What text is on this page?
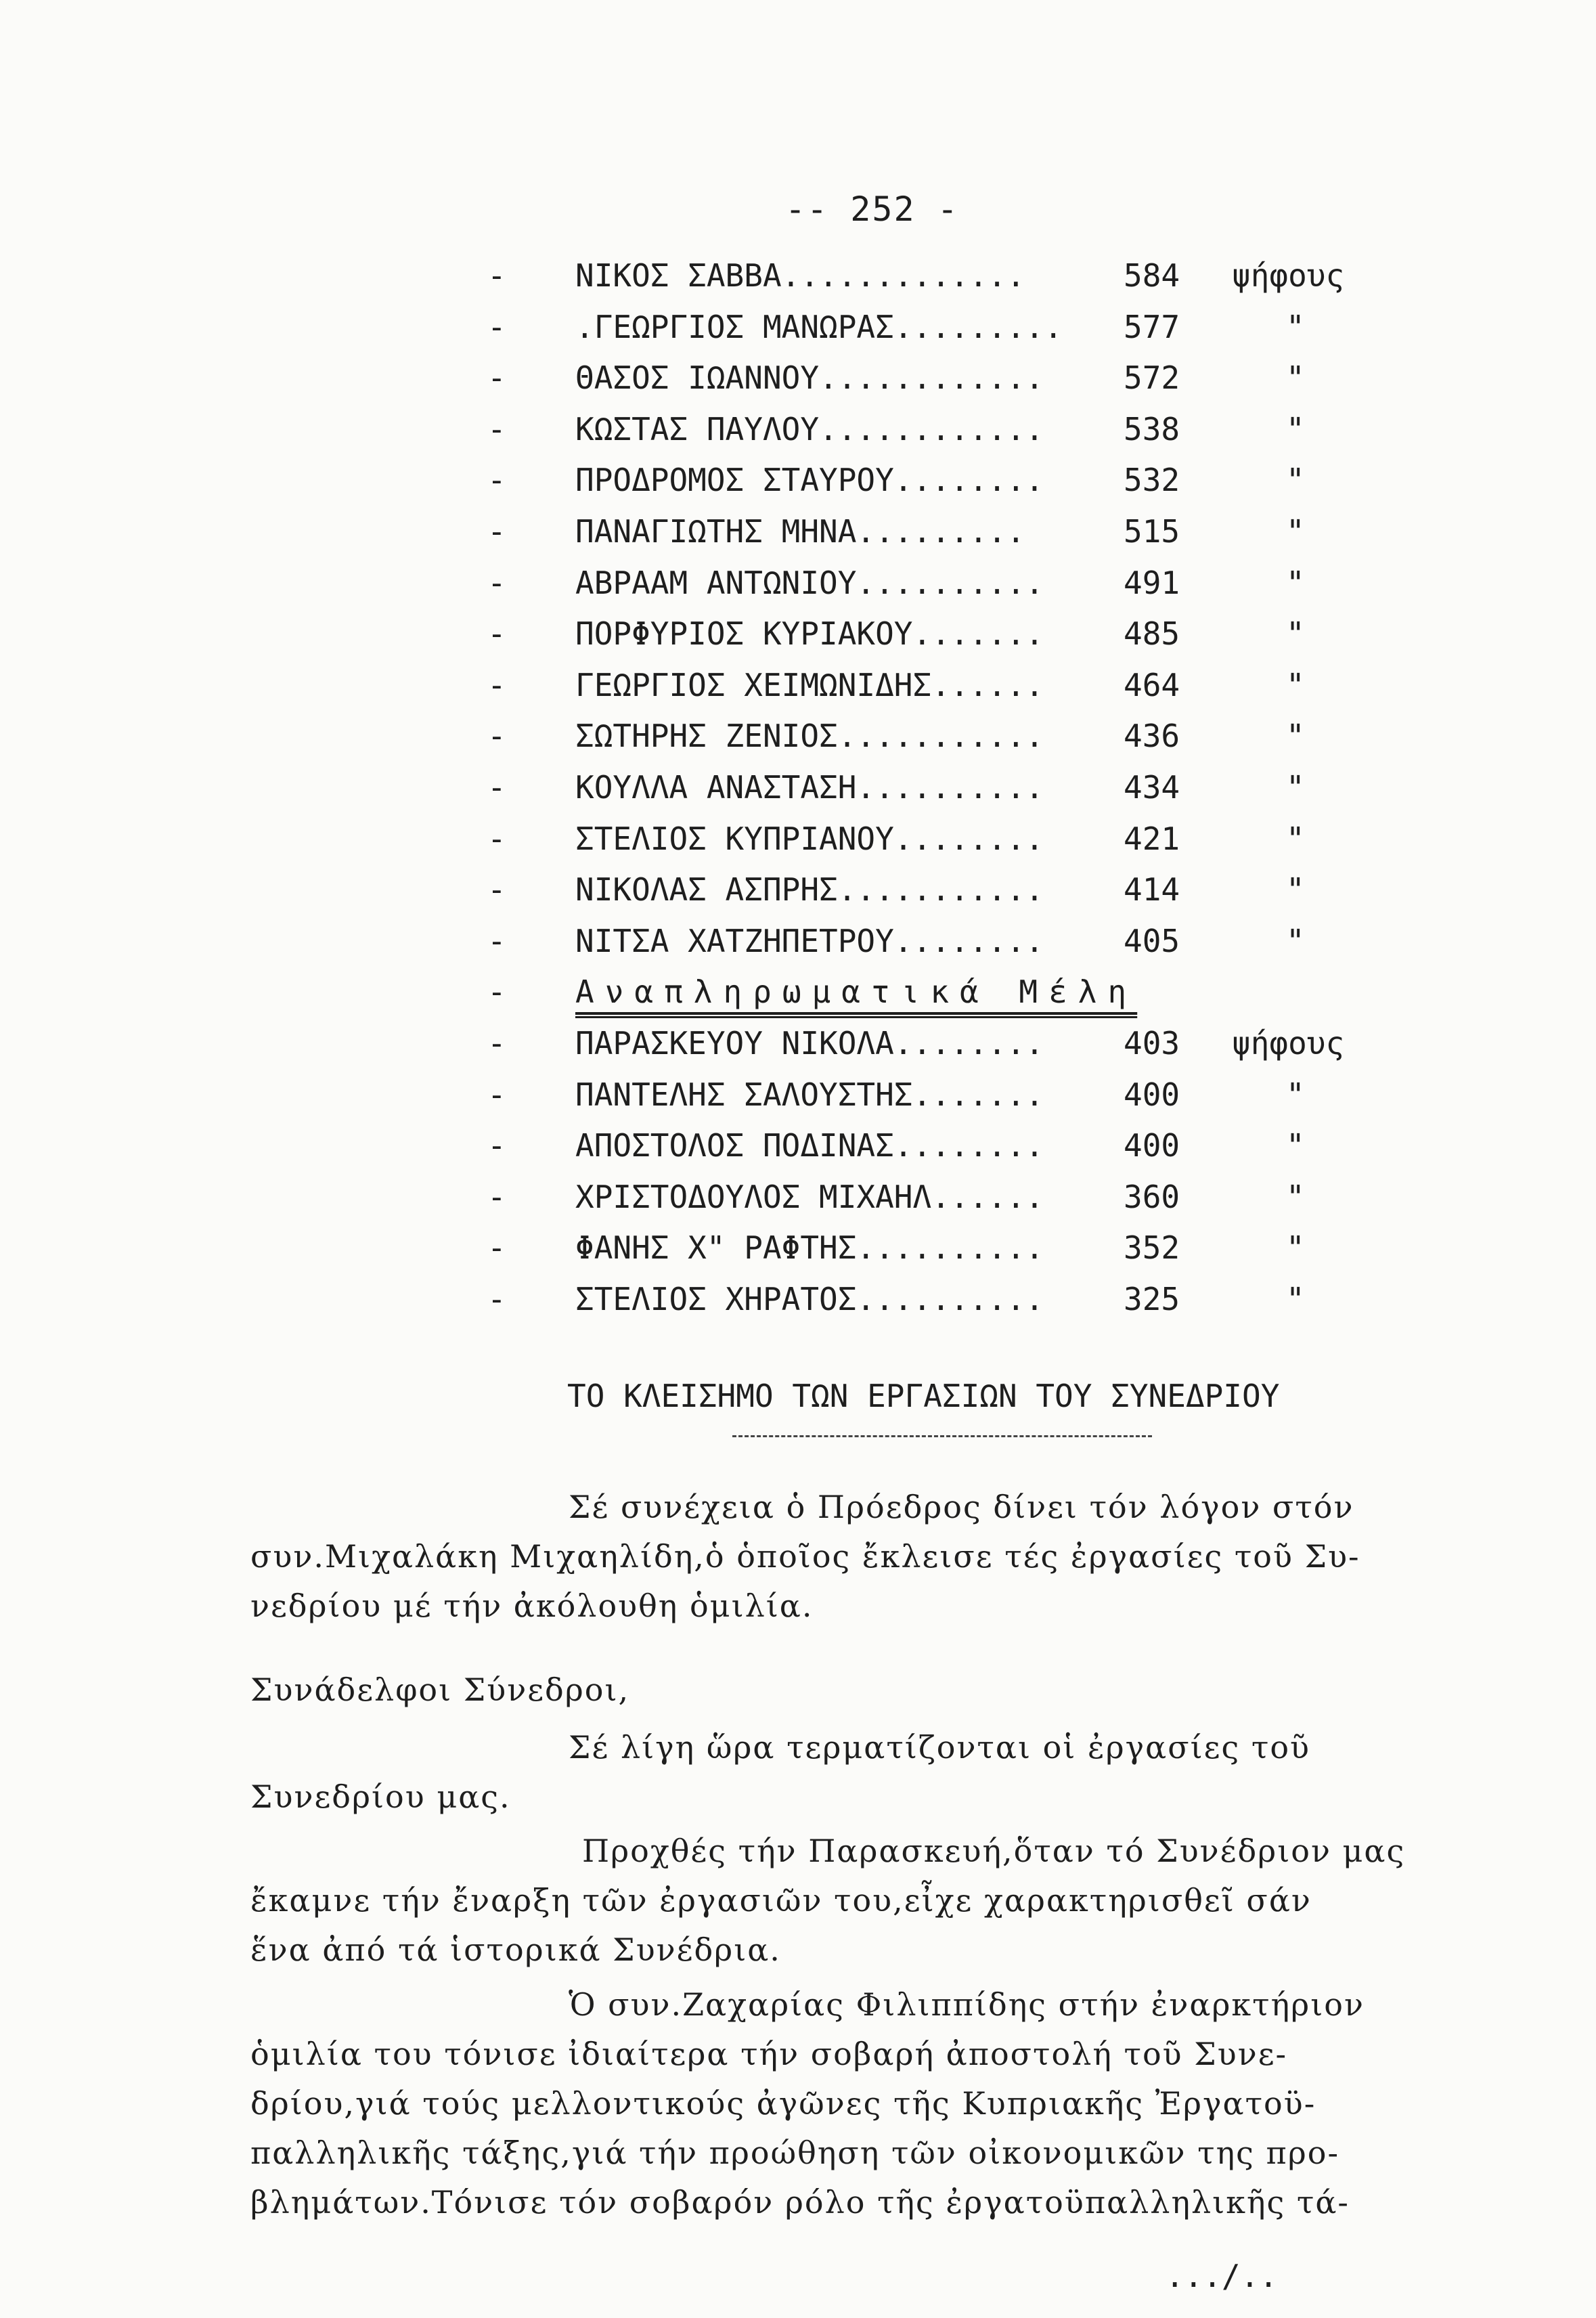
-- 252 -
- ΝΙΚΟΣ ΣΑΒΒΑ.............	584	ψήφους
- .ΓΕΩΡΓΙΟΣ ΜΑΝΩΡΑΣ.........	577	"
- ΘΑΣΟΣ ΙΩΑΝΝΟΥ............	572	"
- ΚΩΣΤΑΣ ΠΑΥΛΟΥ............	538	"
- ΠΡΟΔΡΟΜΟΣ ΣΤΑΥΡΟΥ........	532	"
- ΠΑΝΑΓΙΩΤΗΣ ΜΗΝΑ.........	515	"
- ΑΒΡΑΑΜ ΑΝΤΩΝΙΟΥ..........	491	"
- ΠΟΡΦΥΡΙΟΣ ΚΥΡΙΑΚΟΥ.......	485	"
- ΓΕΩΡΓΙΟΣ ΧΕΙΜΩΝΙΔΗΣ......	464	"
- ΣΩΤΗΡΗΣ ΖΕΝΙΟΣ...........	436	"
- ΚΟΥΛΛΑ ΑΝΑΣΤΑΣΗ..........	434	"
- ΣΤΕΛΙΟΣ ΚΥΠΡΙΑΝΟΥ........	421	"
- ΝΙΚΟΛΑΣ ΑΣΠΡΗΣ...........	414	"
- ΝΙΤΣΑ ΧΑΤΖΗΠΕΤΡΟΥ........	405	"
- Αναπληρωματικά Μέλη
- ΠΑΡΑΣΚΕΥΟΥ ΝΙΚΟΛΑ........	403	ψήφους
- ΠΑΝΤΕΛΗΣ ΣΑΛΟΥΣΤΗΣ.......	400	"
- ΑΠΟΣΤΟΛΟΣ ΠΟΔΙΝΑΣ........	400	"
- ΧΡΙΣΤΟΔΟΥΛΟΣ ΜΙΧΑΗΛ......	360	"
- ΦΑΝΗΣ Χ" ΡΑΦΤΗΣ..........	352	"
- ΣΤΕΛΙΟΣ ΧΗΡΑΤΟΣ..........	325	"
ΤΟ ΚΛΕΙΣΗΜΟ ΤΩΝ ΕΡΓΑΣΙΩΝ ΤΟΥ ΣΥΝΕΔΡΙΟΥ
Σέ συνέχεια ὁ Πρόεδρος δίνει τόν λόγον στόν
συν.Μιχαλάκη Μιχαηλίδη,ὁ ὁποῖος ἔκλεισε τές ἐργασίες τοῦ Συ-
νεδρίου μέ τήν ἀκόλουθη ὁμιλία.
Συνάδελφοι Σύνεδροι,
Σέ λίγη ὥρα τερματίζονται οἱ ἐργασίες τοῦ
Συνεδρίου μας.
Προχθές τήν Παρασκευή,ὅταν τό Συνέδριον μας
ἔκαμνε τήν ἔναρξη τῶν ἐργασιῶν του,εἶχε χαρακτηρισθεῖ σάν
ἕνα ἀπό τά ἱστορικά Συνέδρια.
Ὁ συν.Ζαχαρίας Φιλιππίδης στήν ἐναρκτήριον
ὁμιλία του τόνισε ἰδιαίτερα τήν σοβαρή ἀποστολή τοῦ Συνε-
δρίου,γιά τούς μελλοντικούς ἀγῶνες τῆς Κυπριακῆς Ἐργατοϋ-
παλληλικῆς τάξης,γιά τήν προώθηση τῶν οἰκονομικῶν της προ-
βλημάτων.Τόνισε τόν σοβαρόν ρόλο τῆς ἐργατοϋπαλληλικῆς τά-
.../..
